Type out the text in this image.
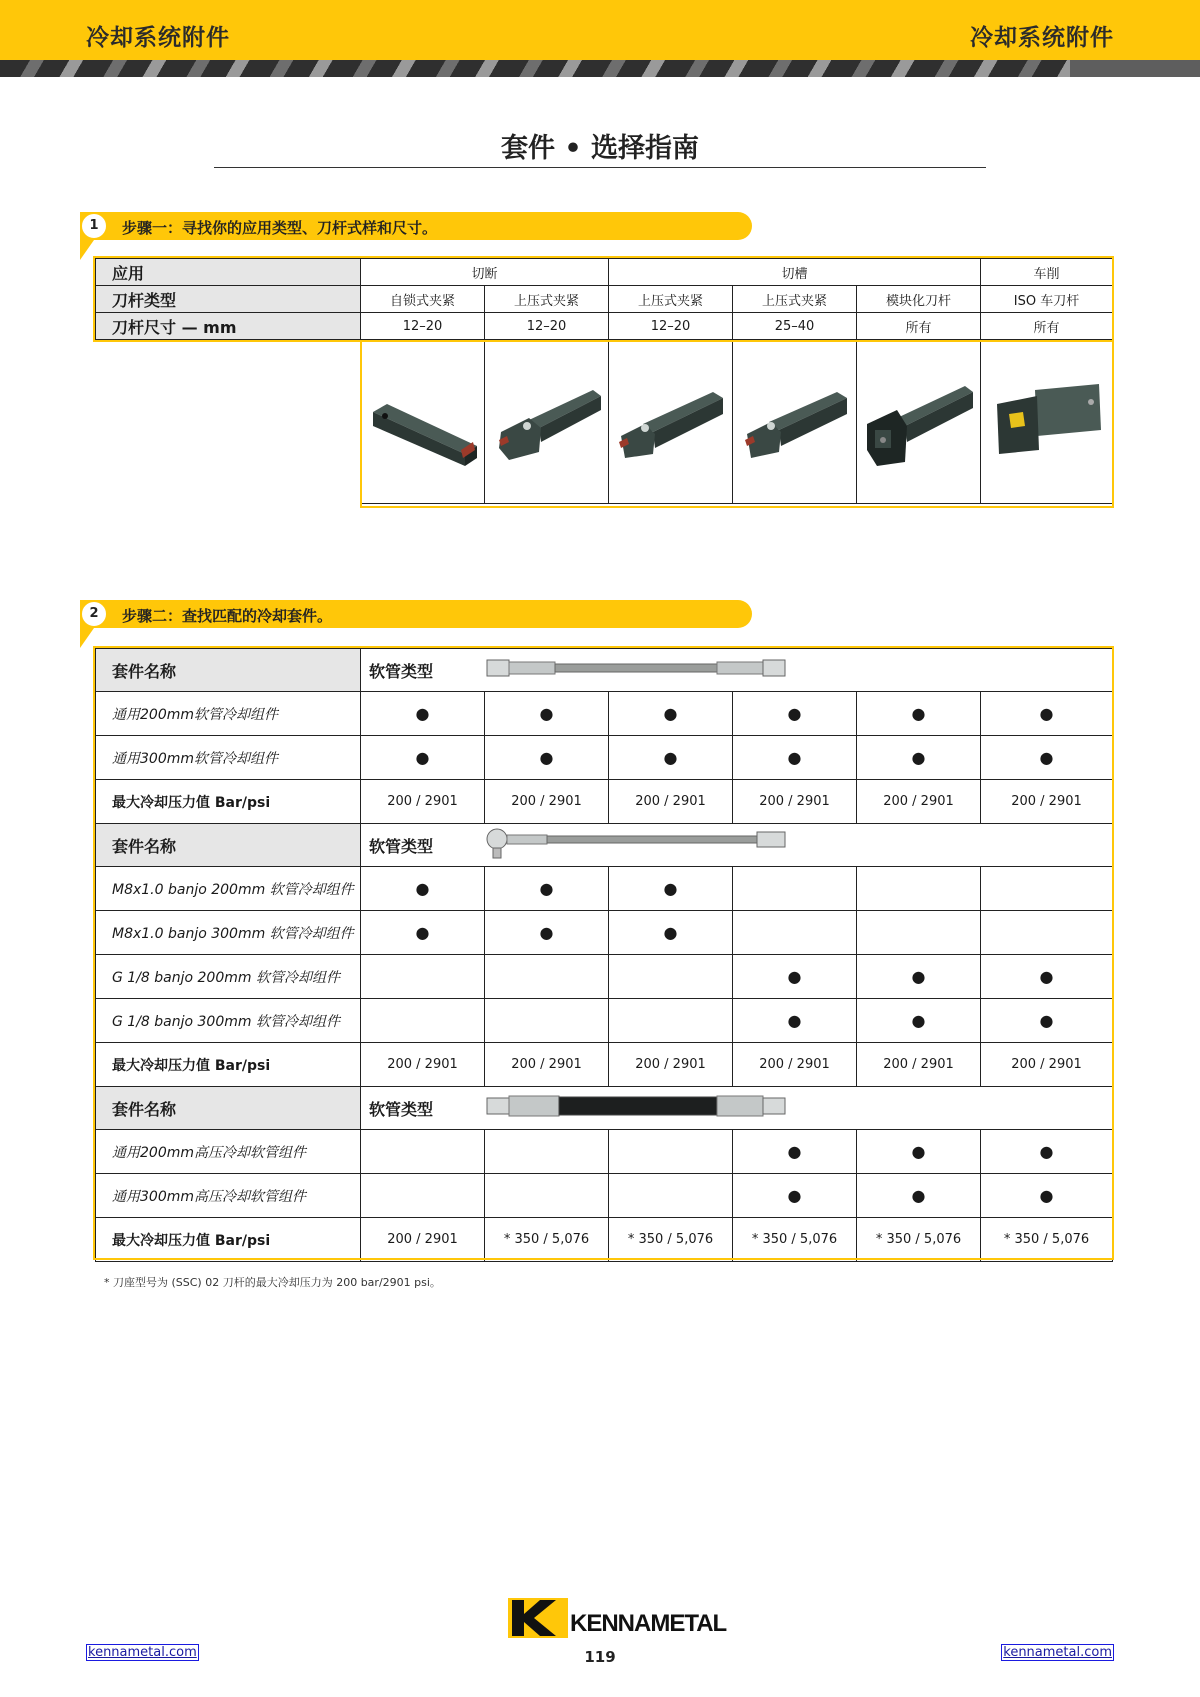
冷却系统附件	冷却系统附件
套件 • 选择指南
1	步骤一：寻找你的应用类型、刀杆式样和尺寸。
应用	切断		切槽			车削
刀杆类型	自锁式夹紧	上压式夹紧	上压式夹紧	上压式夹紧	模块化刀杆	ISO 车刀杆
刀杆尺寸 — mm	12–20	12–20	12–20	25–40	所有	所有

2	步骤二：查找匹配的冷却套件。
套件名称	软管类型		
通用200mm软管冷却组件	●	●	●	●	●	●
通用300mm软管冷却组件	●	●	●	●	●	●
最大冷却压力值 Bar/psi	200 / 2901	200 / 2901	200 / 2901	200 / 2901	200 / 2901	200 / 2901
套件名称	软管类型		
M8x1.0 banjo 200mm 软管冷却组件	●	●	●			
M8x1.0 banjo 300mm 软管冷却组件	●	●	●			
G 1/8 banjo 200mm 软管冷却组件				●	●	●
G 1/8 banjo 300mm 软管冷却组件				●	●	●
最大冷却压力值 Bar/psi	200 / 2901	200 / 2901	200 / 2901	200 / 2901	200 / 2901	200 / 2901
套件名称	软管类型		
通用200mm高压冷却软管组件				●	●	●
通用300mm高压冷却软管组件				●	●	●
最大冷却压力值 Bar/psi	200 / 2901	* 350 / 5,076	* 350 / 5,076	* 350 / 5,076	* 350 / 5,076	* 350 / 5,076
* 刀座型号为 (SSC) 02 刀杆的最大冷却压力为 200 bar/2901 psi。
KENNAMETAL
119
kennametal.com	kennametal.com
